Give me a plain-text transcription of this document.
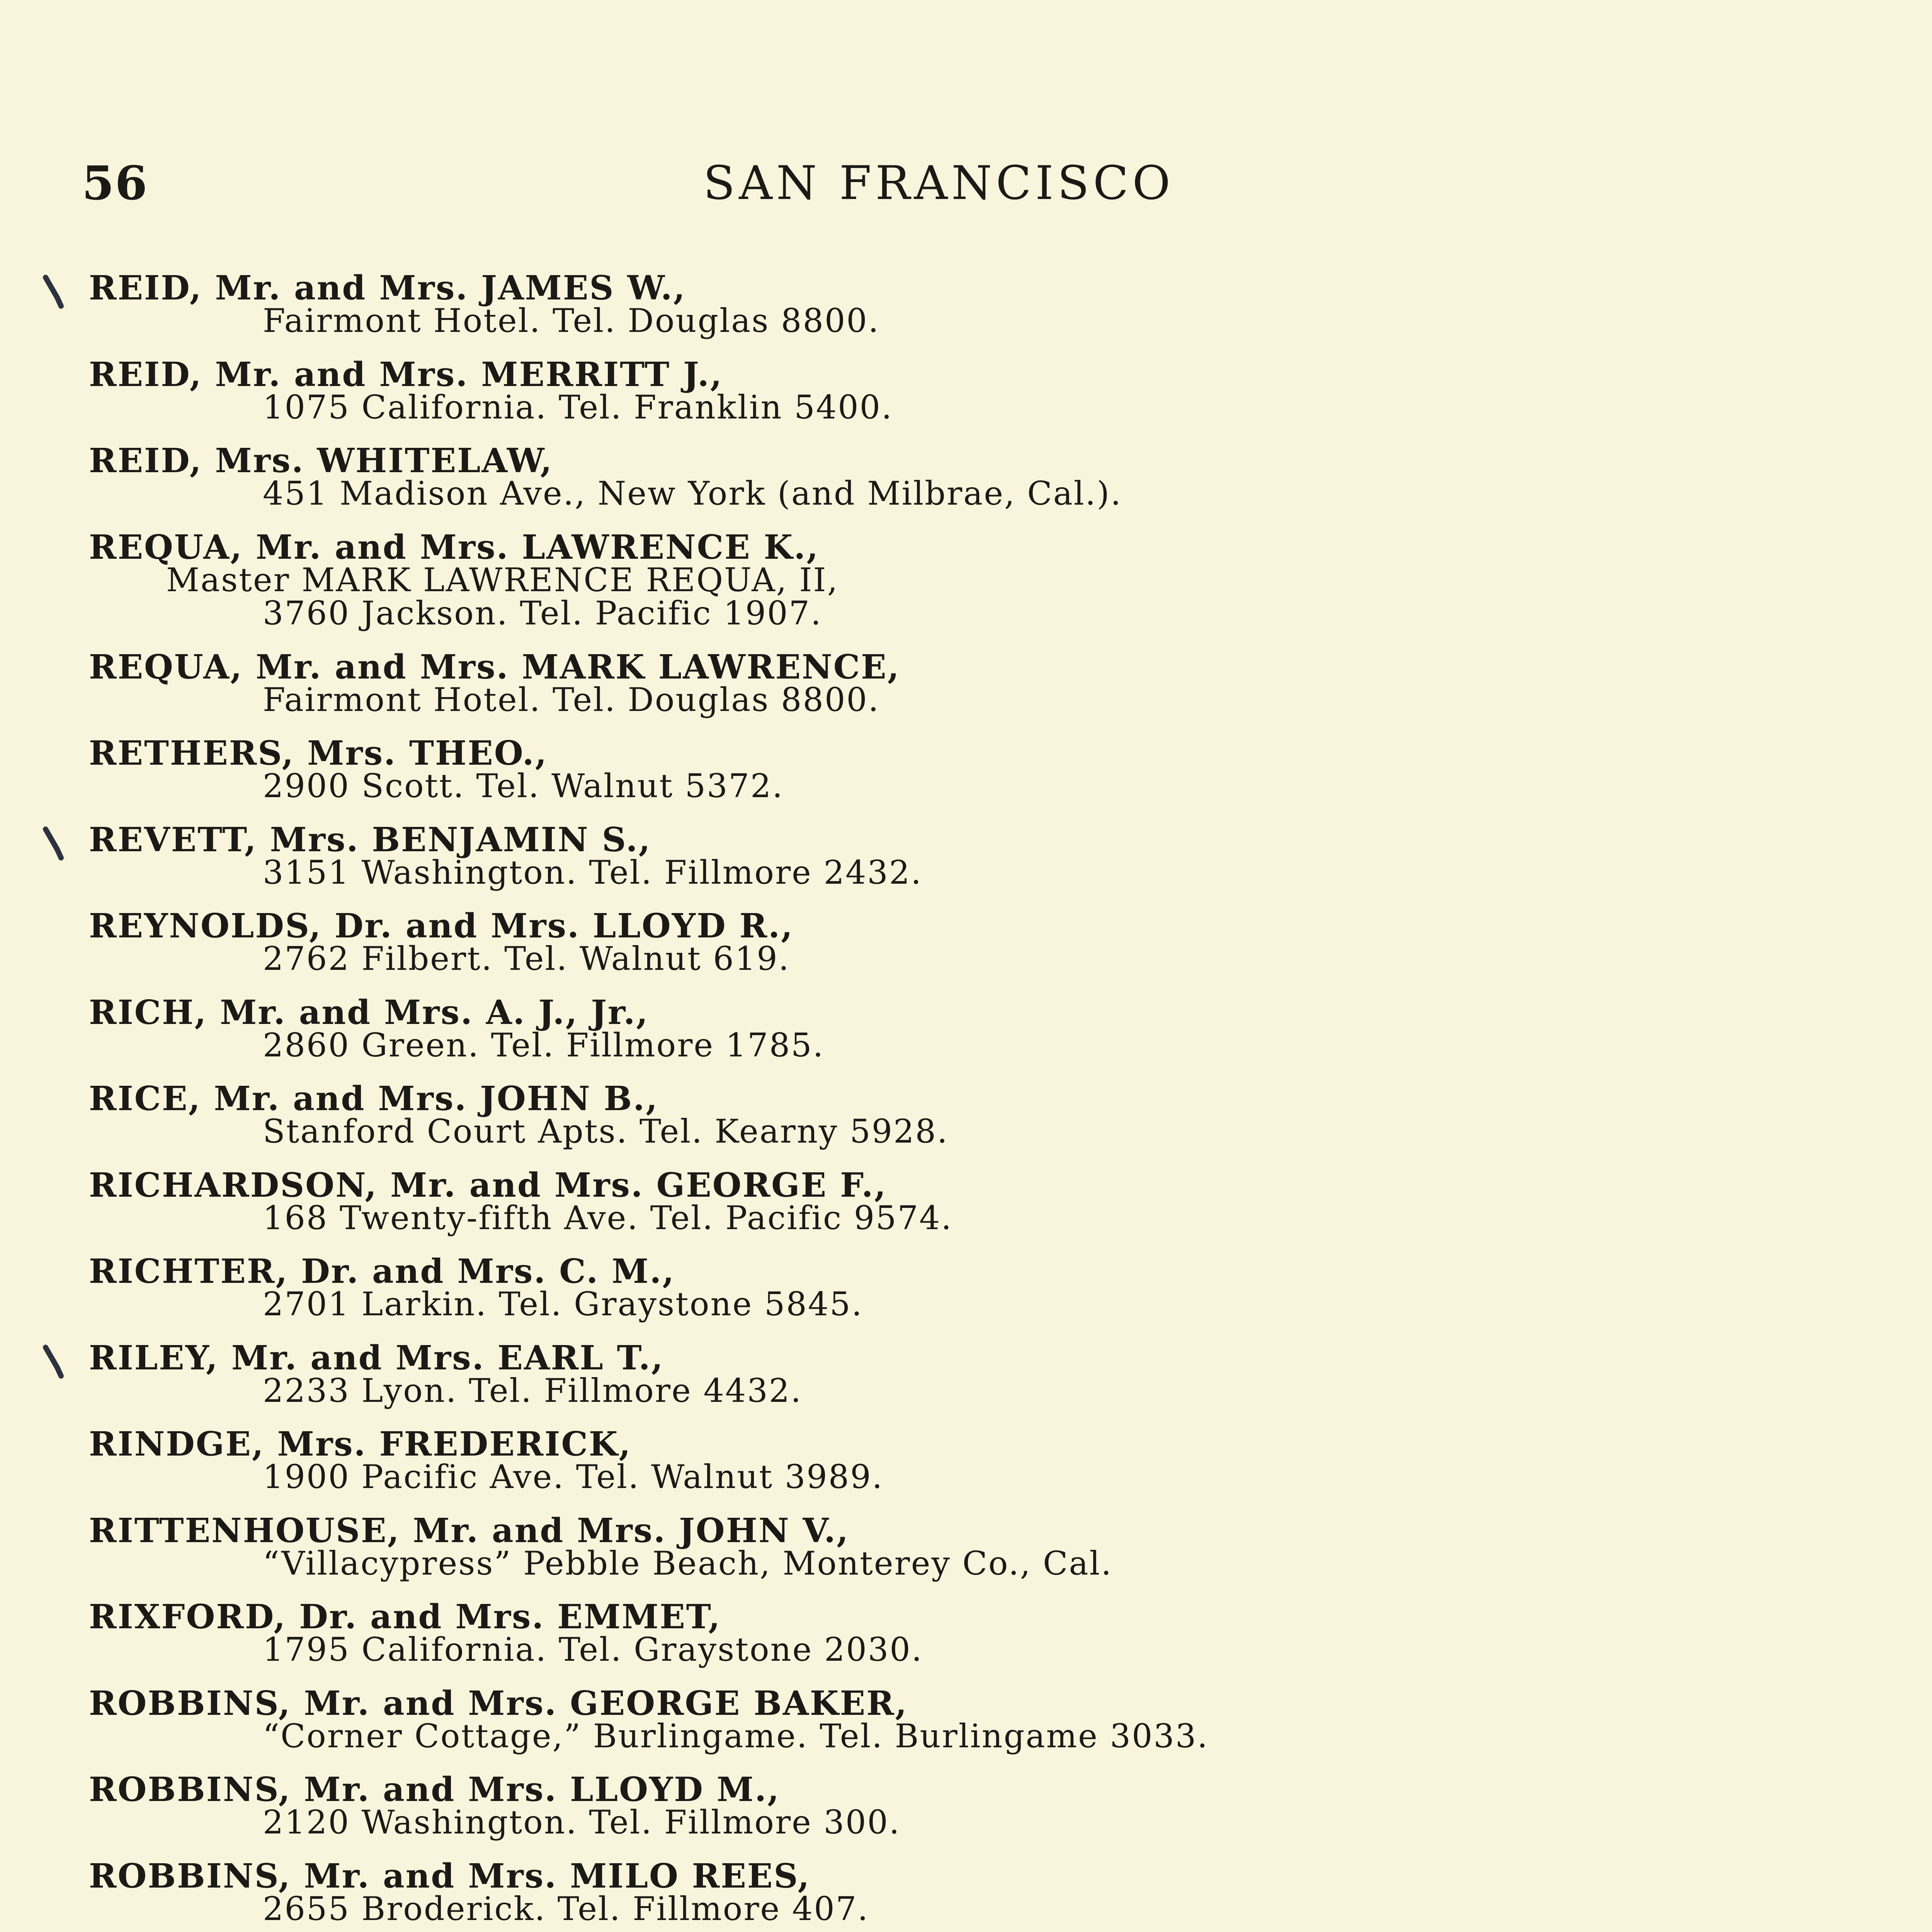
56	SAN FRANCISCO
REID, Mr. and Mrs. JAMES W.,
Fairmont Hotel. Tel. Douglas 8800.
REID, Mr. and Mrs. MERRITT J.,
1075 California. Tel. Franklin 5400.
REID, Mrs. WHITELAW,
451 Madison Ave., New York (and Milbrae, Cal.).
REQUA, Mr. and Mrs. LAWRENCE K.,
Master MARK LAWRENCE REQUA, II,
3760 Jackson. Tel. Pacific 1907.
REQUA, Mr. and Mrs. MARK LAWRENCE,
Fairmont Hotel. Tel. Douglas 8800.
RETHERS, Mrs. THEO.,
2900 Scott. Tel. Walnut 5372.
REVETT, Mrs. BENJAMIN S.,
3151 Washington. Tel. Fillmore 2432.
REYNOLDS, Dr. and Mrs. LLOYD R.,
2762 Filbert. Tel. Walnut 619.
RICH, Mr. and Mrs. A. J., Jr.,
2860 Green. Tel. Fillmore 1785.
RICE, Mr. and Mrs. JOHN B.,
Stanford Court Apts. Tel. Kearny 5928.
RICHARDSON, Mr. and Mrs. GEORGE F.,
168 Twenty-fifth Ave. Tel. Pacific 9574.
RICHTER, Dr. and Mrs. C. M.,
2701 Larkin. Tel. Graystone 5845.
RILEY, Mr. and Mrs. EARL T.,
2233 Lyon. Tel. Fillmore 4432.
RINDGE, Mrs. FREDERICK,
1900 Pacific Ave. Tel. Walnut 3989.
RITTENHOUSE, Mr. and Mrs. JOHN V.,
“Villacypress” Pebble Beach, Monterey Co., Cal.
RIXFORD, Dr. and Mrs. EMMET,
1795 California. Tel. Graystone 2030.
ROBBINS, Mr. and Mrs. GEORGE BAKER,
“Corner Cottage,” Burlingame. Tel. Burlingame 3033.
ROBBINS, Mr. and Mrs. LLOYD M.,
2120 Washington. Tel. Fillmore 300.
ROBBINS, Mr. and Mrs. MILO REES,
2655 Broderick. Tel. Fillmore 407.
